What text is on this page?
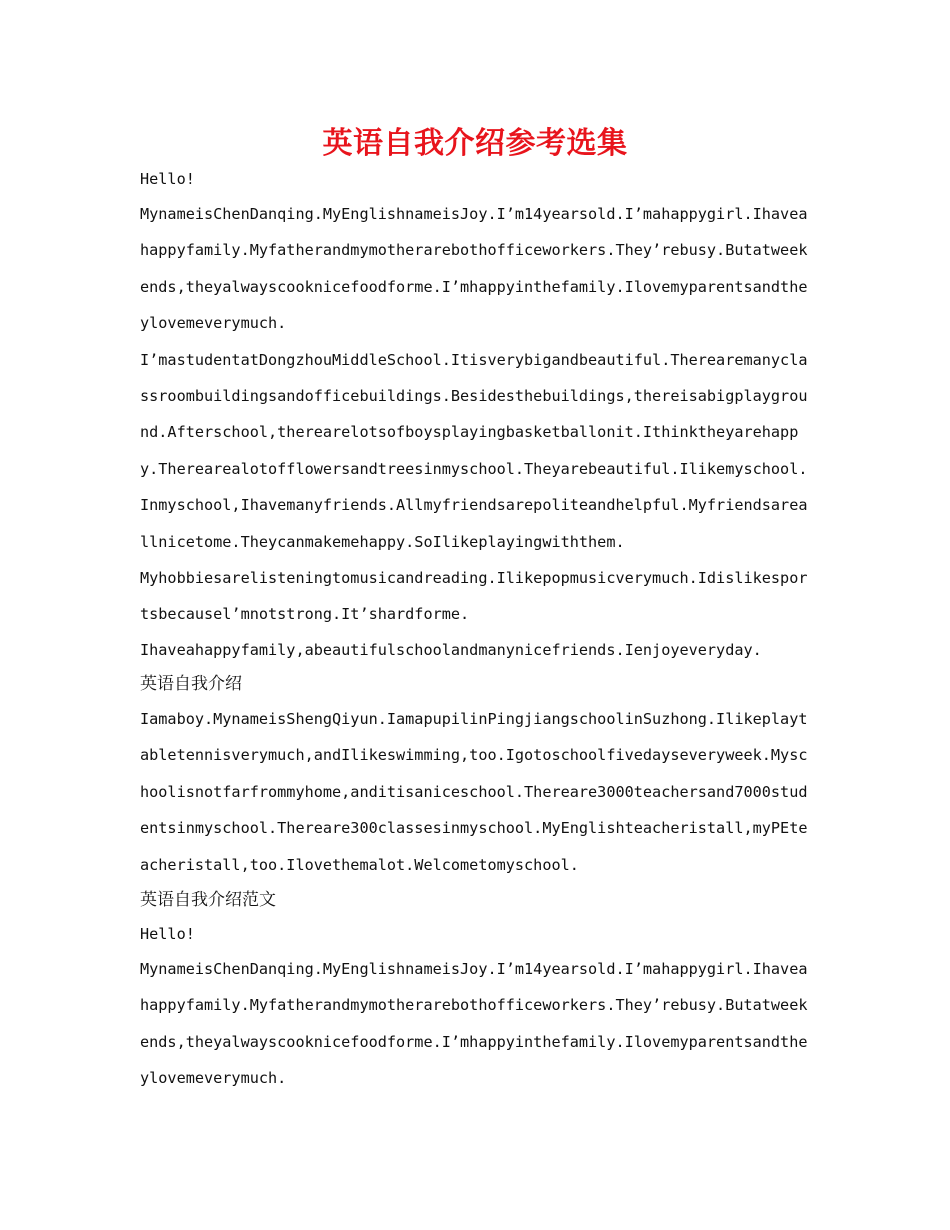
英语自我介绍参考选集

Hello!

MynameisChenDanqing.MyEnglishnameisJoy.I’m14yearsold.I’mahappygirl.Ihaveahappyfamily.Myfatherandmymotherarebothofficeworkers.They’rebusy.Butatweekends,theyalwayscooknicefoodforme.I’mhappyinthefamily.Ilovemyparentsandtheylovemeverymuch.

I’mastudentatDongzhouMiddleSchool.Itisverybigandbeautiful.Therearemanyclassroombuildingsandofficebuildings.Besidesthebuildings,thereisabigplayground.Afterschool,therearelotsofboysplayingbasketballonit.Ithinktheyarehappy.Therearealotofflowersandtreesinmyschool.Theyarebeautiful.Ilikemyschool.Inmyschool,Ihavemanyfriends.Allmyfriendsarepoliteandhelpful.Myfriendsareallnicetome.Theycanmakemehappy.SoIlikeplayingwiththem.

Myhobbiesarelisteningtomusicandreading.Ilikepopmusicverymuch.Idislikesportsbecausel’mnotstrong.It’shardforme.

Ihaveahappyfamily,abeautifulschoolandmanynicefriends.Ienjoyeveryday.

英语自我介绍

Iamaboy.MynameisShengQiyun.IamapupilinPingjiangschoolinSuzhong.Ilikeplaytabletennisverymuch,andIlikeswimming,too.Igotoschoolfivedayseveryweek.Myschoolisnotfarfrommyhome,anditisaniceschool.Thereare3000teachersand7000studentsinmyschool.Thereare300classesinmyschool.MyEnglishteacheristall,myPEteacheristall,too.Ilovethemalot.Welcometomyschool.

英语自我介绍范文

Hello!

MynameisChenDanqing.MyEnglishnameisJoy.I’m14yearsold.I’mahappygirl.Ihaveahappyfamily.Myfatherandmymotherarebothofficeworkers.They’rebusy.Butatweekends,theyalwayscooknicefoodforme.I’mhappyinthefamily.Ilovemyparentsandtheylovemeverymuch.
